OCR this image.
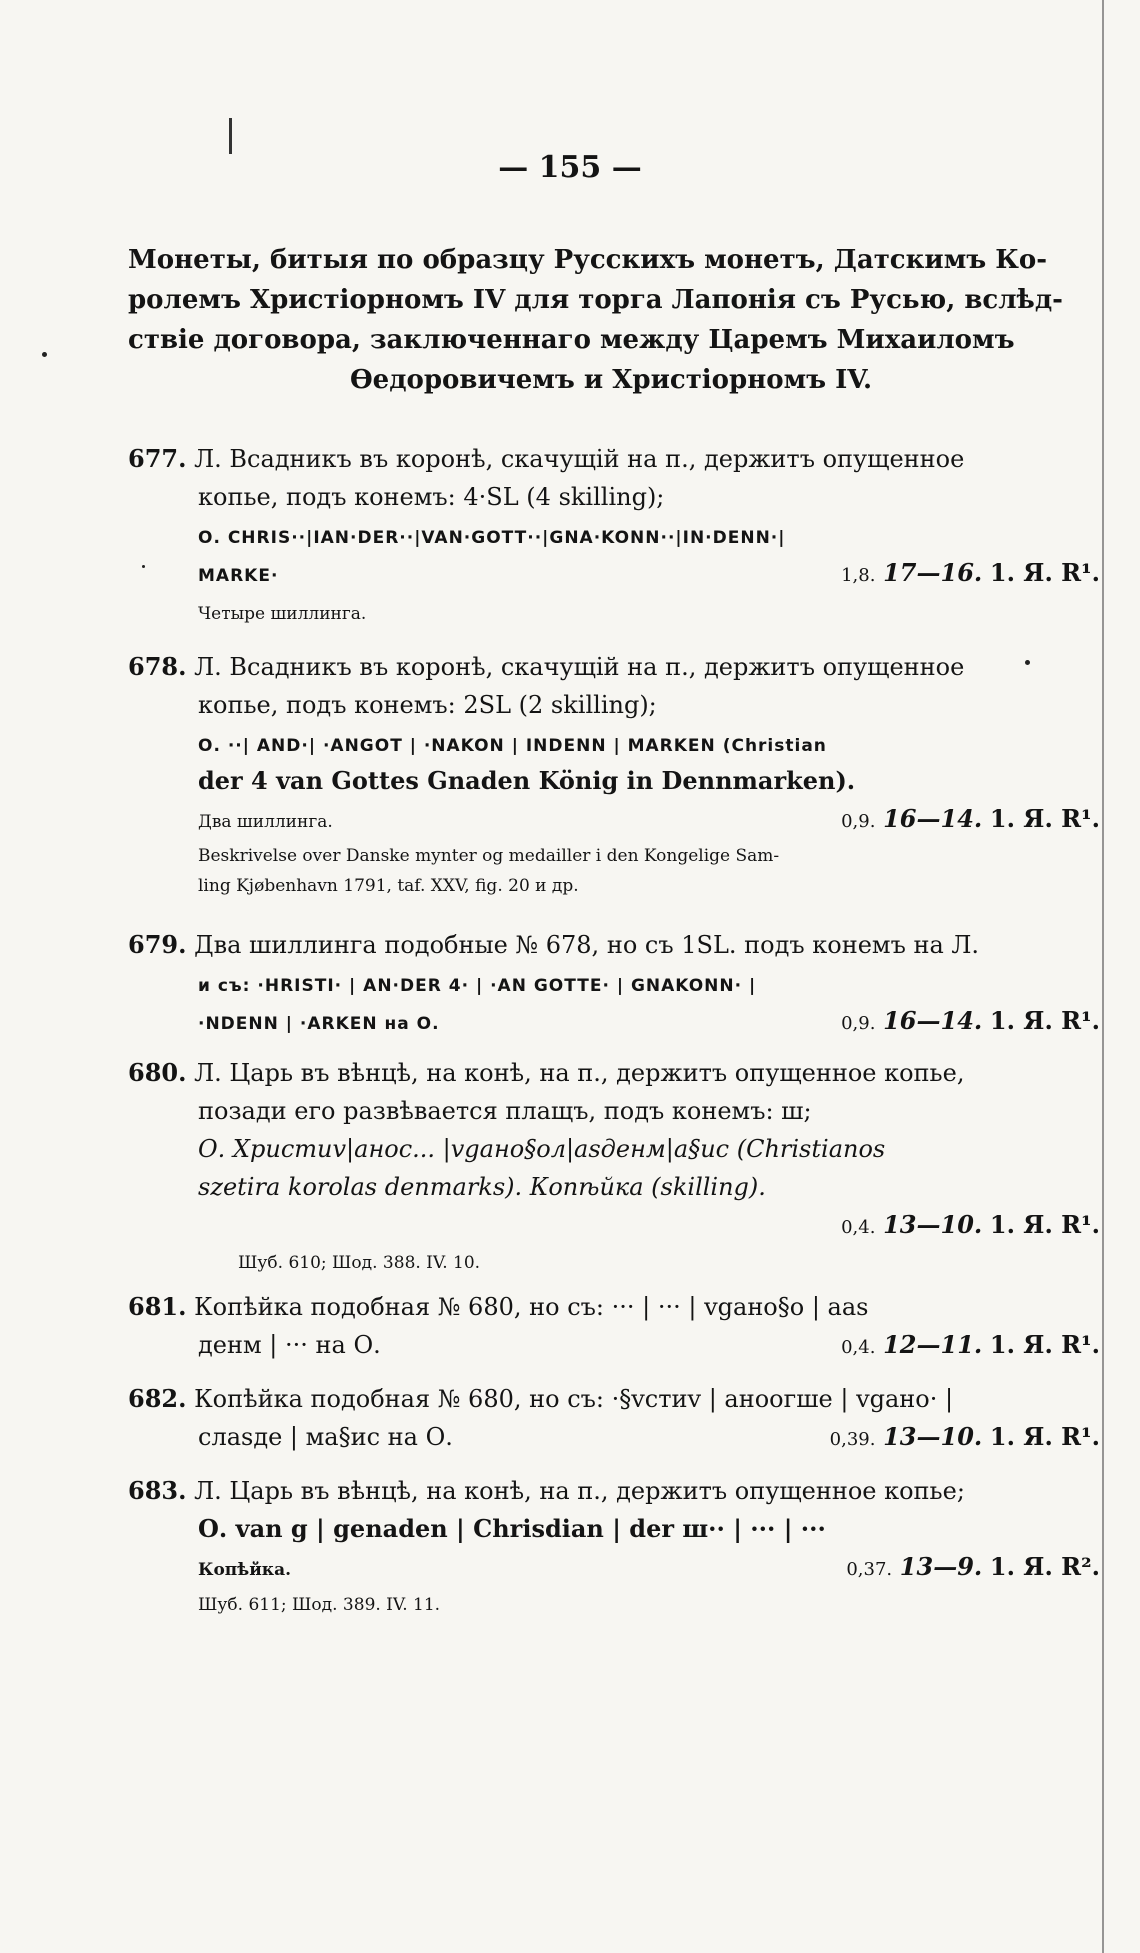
— 155 —
Монеты, битыя по образцу Русскихъ монетъ, Датскимъ Ко-
ролемъ Христiорномъ IV для торга Лапонiя съ Русью, вслѣд-
ствiе договора, заключеннаго между Царемъ Михаиломъ
Ѳедоровичемъ и Христiорномъ IV.
677. Л. Всадникъ въ коронѣ, скачущiй на п., держитъ опущенное
копье, подъ конемъ: 4·SL (4 skilling);
О. CHRIS··|IAN·DER··|VAN·GOTT··|GNA·KONN··|IN·DENN·|
MARKE·	1,8. 17—16. 1. Я. R¹.
Четыре шиллинга.
678. Л. Всадникъ въ коронѣ, скачущiй на п., держитъ опущенное
копье, подъ конемъ: 2SL (2 skilling);
О. ··| AND·| ·ANGOT | ·NAKON | INDENN | MARKEN (Christian
der 4 van Gottes Gnaden König in Dennmarken).
Два шиллинга.	0,9. 16—14. 1. Я. R¹.
Beskrivelse over Danske mynter og medailler i den Kongelige Sam-
ling Kjøbenhavn 1791, taf. XXV, fig. 20 и др.
679. Два шиллинга подобные № 678, но съ 1SL. подъ конемъ на Л.
и съ: ·HRISTI· | AN·DER 4· | ·AN GOTTE· | GNAKONN· |
·NDENN | ·ARKEN на О.	0,9. 16—14. 1. Я. R¹.
680. Л. Царь въ вѣнцѣ, на конѣ, на п., держитъ опущенное копье,
позади его развѣвается плащъ, подъ конемъ: ш;
О. Христиv|анос... |vgано§ол|аsденм|а§ис (Christianos
szetira korolas denmarks). Копѣйка (skilling).
0,4. 13—10. 1. Я. R¹.
Шуб. 610; Шод. 388. IV. 10.
681. Копѣйка подобная № 680, но съ: ··· | ··· | vgано§о | аas
денм | ··· на О.	0,4. 12—11. 1. Я. R¹.
682. Копѣйка подобная № 680, но съ: ·§vcтиv | аноогше | vgано· |
слаsдe | ма§ис на О.	0,39. 13—10. 1. Я. R¹.
683. Л. Царь въ вѣнцѣ, на конѣ, на п., держитъ опущенное копье;
О. van g | genaden | Chrisdian | der ш·· | ··· | ···
Копѣйка.	0,37. 13—9. 1. Я. R².
Шуб. 611; Шод. 389. IV. 11.
